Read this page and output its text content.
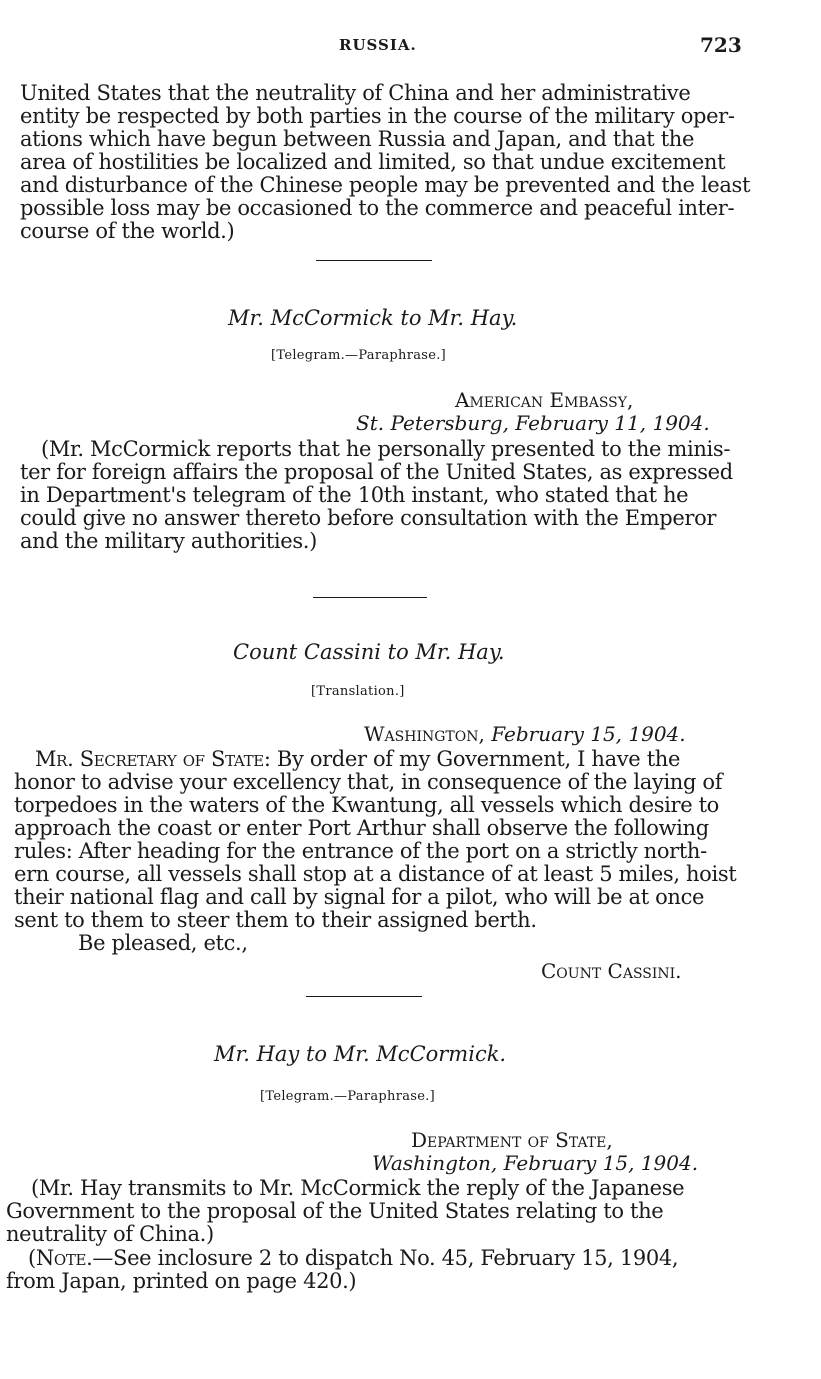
RUSSIA.	723
United States that the neutrality of China and her administrative
entity be respected by both parties in the course of the military oper-
ations which have begun between Russia and Japan, and that the
area of hostilities be localized and limited, so that undue excitement
and disturbance of the Chinese people may be prevented and the least
possible loss may be occasioned to the commerce and peaceful inter-
course of the world.)
Mr. McCormick to Mr. Hay.
[Telegram.—Paraphrase.]
American Embassy,
St. Petersburg, February 11, 1904.
(Mr. McCormick reports that he personally presented to the minis-
ter for foreign affairs the proposal of the United States, as expressed
in Department's telegram of the 10th instant, who stated that he
could give no answer thereto before consultation with the Emperor
and the military authorities.)
Count Cassini to Mr. Hay.
[Translation.]
Washington, February 15, 1904.
Mr. Secretary of State: By order of my Government, I have the
honor to advise your excellency that, in consequence of the laying of
torpedoes in the waters of the Kwantung, all vessels which desire to
approach the coast or enter Port Arthur shall observe the following
rules: After heading for the entrance of the port on a strictly north-
ern course, all vessels shall stop at a distance of at least 5 miles, hoist
their national flag and call by signal for a pilot, who will be at once
sent to them to steer them to their assigned berth.
Be pleased, etc.,
Count Cassini.
Mr. Hay to Mr. McCormick.
[Telegram.—Paraphrase.]
Department of State,
Washington, February 15, 1904.
(Mr. Hay transmits to Mr. McCormick the reply of the Japanese
Government to the proposal of the United States relating to the
neutrality of China.)
(Note.—See inclosure 2 to dispatch No. 45, February 15, 1904,
from Japan, printed on page 420.)
